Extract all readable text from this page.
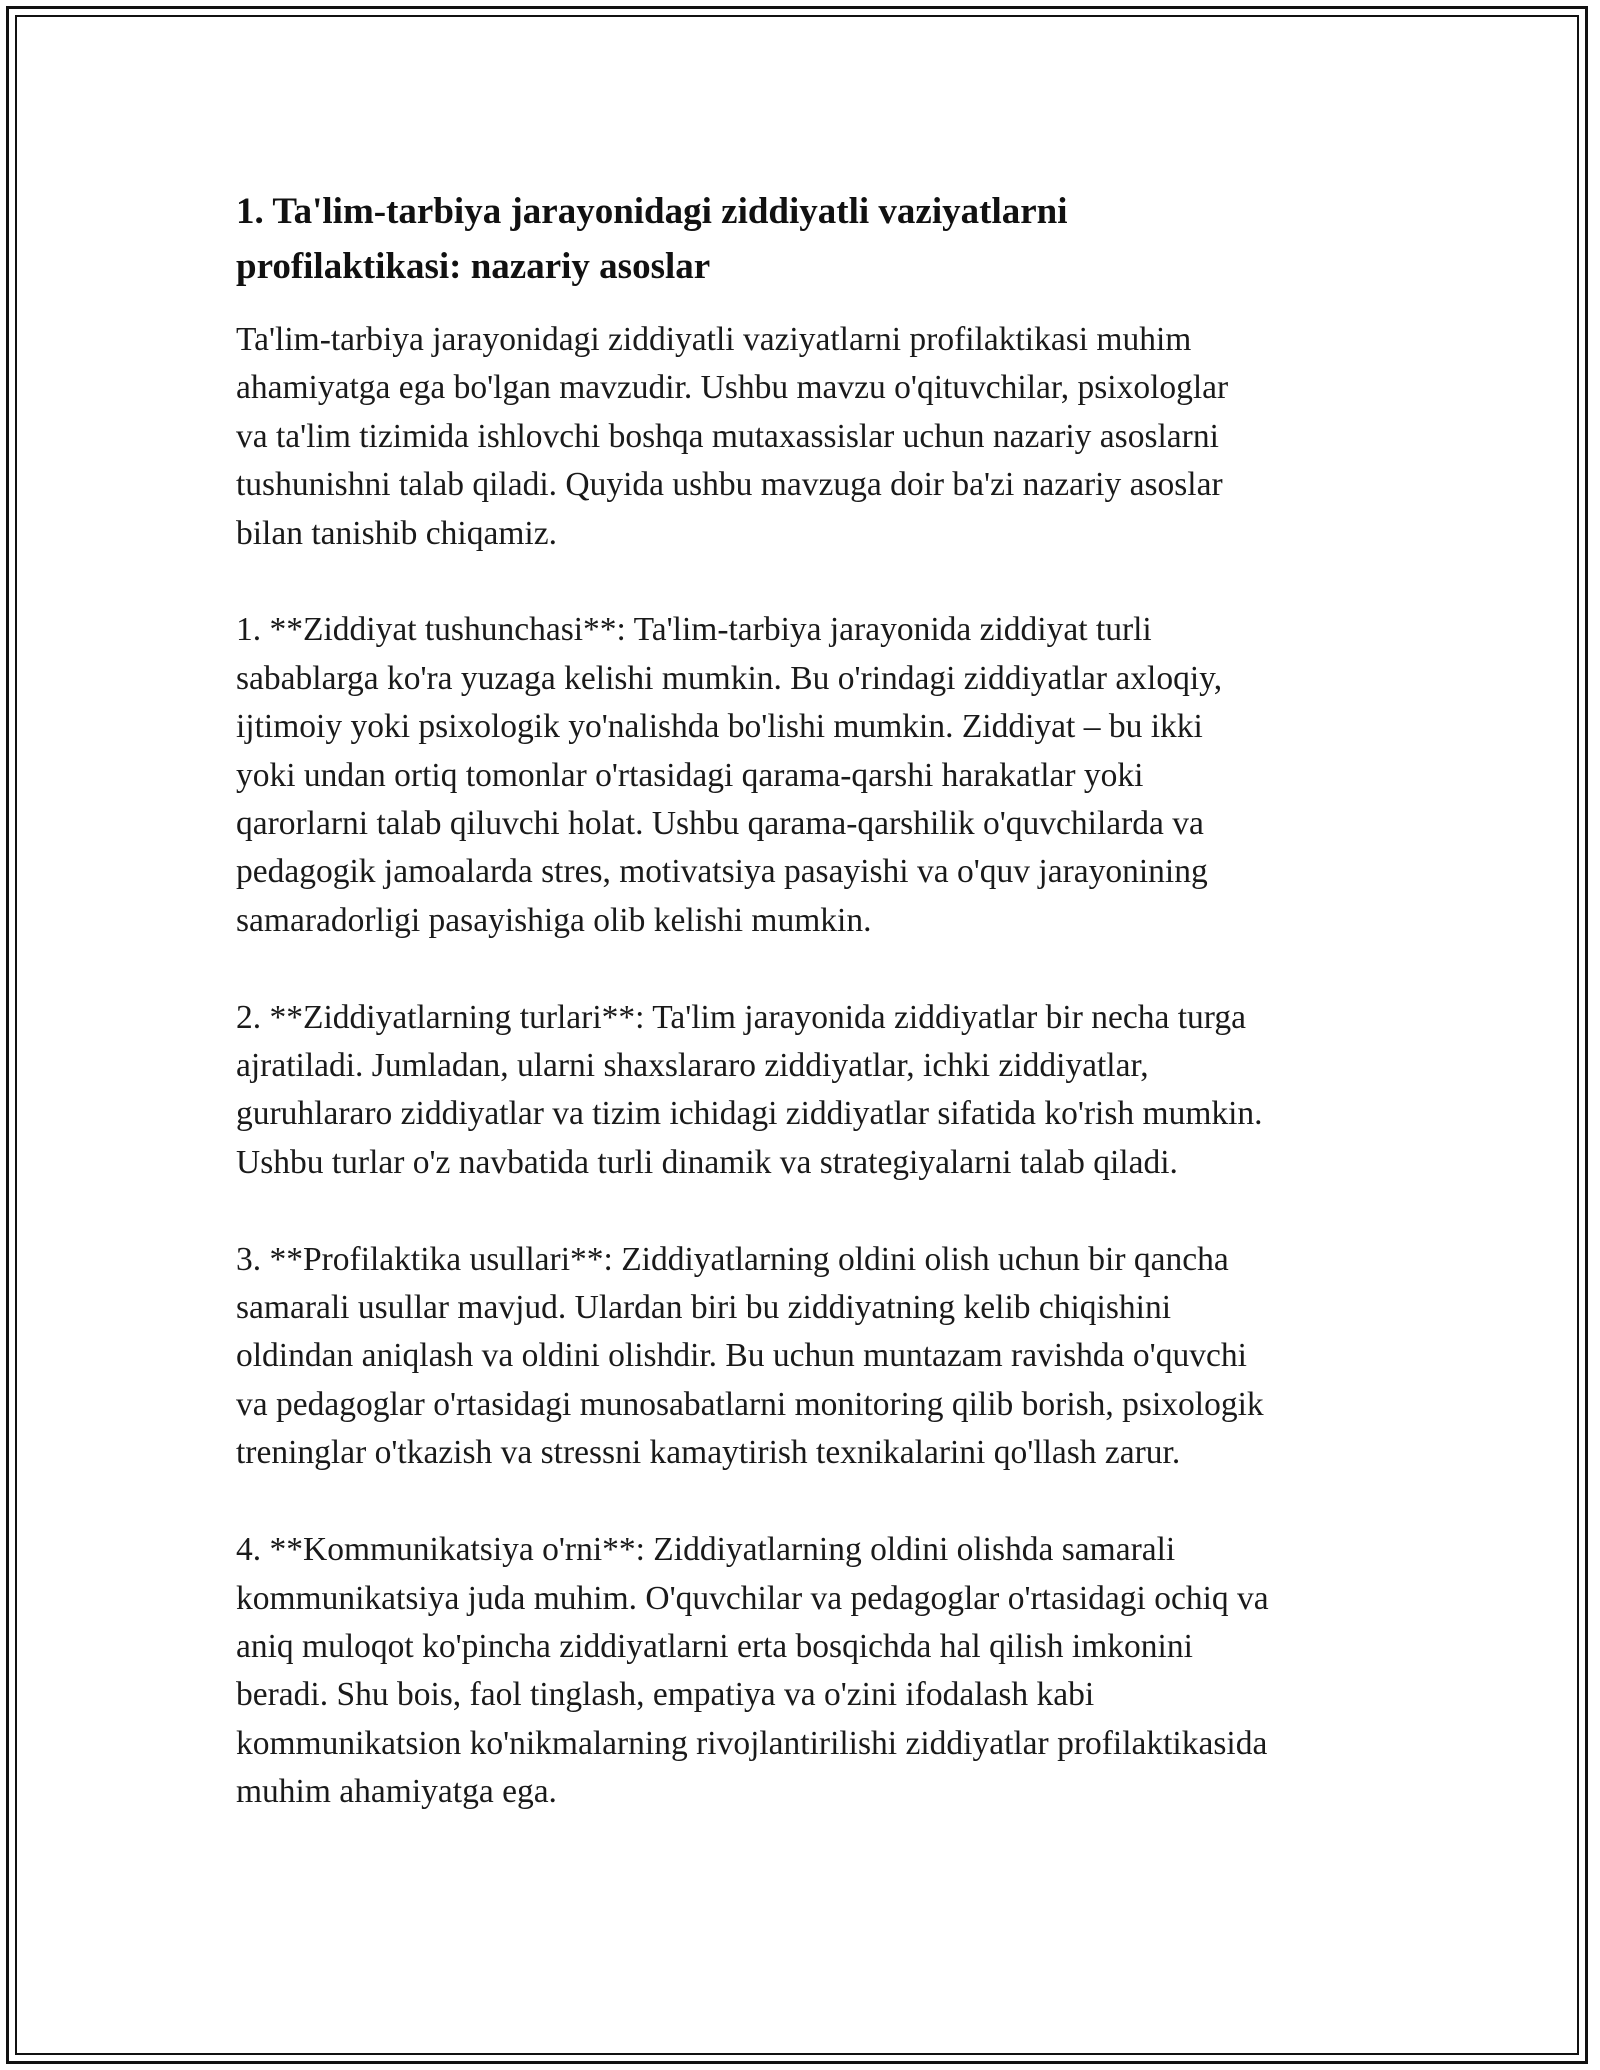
1. Ta'lim-tarbiya jarayonidagi ziddiyatli vaziyatlarni
profilaktikasi: nazariy asoslar

Ta'lim-tarbiya jarayonidagi ziddiyatli vaziyatlarni profilaktikasi muhim
ahamiyatga ega bo'lgan mavzudir. Ushbu mavzu o'qituvchilar, psixologlar
va ta'lim tizimida ishlovchi boshqa mutaxassislar uchun nazariy asoslarni
tushunishni talab qiladi. Quyida ushbu mavzuga doir ba'zi nazariy asoslar
bilan tanishib chiqamiz.

1. **Ziddiyat tushunchasi**: Ta'lim-tarbiya jarayonida ziddiyat turli
sabablarga ko'ra yuzaga kelishi mumkin. Bu o'rindagi ziddiyatlar axloqiy,
ijtimoiy yoki psixologik yo'nalishda bo'lishi mumkin. Ziddiyat – bu ikki
yoki undan ortiq tomonlar o'rtasidagi qarama-qarshi harakatlar yoki
qarorlarni talab qiluvchi holat. Ushbu qarama-qarshilik o'quvchilarda va
pedagogik jamoalarda stres, motivatsiya pasayishi va o'quv jarayonining
samaradorligi pasayishiga olib kelishi mumkin.

2. **Ziddiyatlarning turlari**: Ta'lim jarayonida ziddiyatlar bir necha turga
ajratiladi. Jumladan, ularni shaxslararo ziddiyatlar, ichki ziddiyatlar,
guruhlararo ziddiyatlar va tizim ichidagi ziddiyatlar sifatida ko'rish mumkin.
Ushbu turlar o'z navbatida turli dinamik va strategiyalarni talab qiladi.

3. **Profilaktika usullari**: Ziddiyatlarning oldini olish uchun bir qancha
samarali usullar mavjud. Ulardan biri bu ziddiyatning kelib chiqishini
oldindan aniqlash va oldini olishdir. Bu uchun muntazam ravishda o'quvchi
va pedagoglar o'rtasidagi munosabatlarni monitoring qilib borish, psixologik
treninglar o'tkazish va stressni kamaytirish texnikalarini qo'llash zarur.

4. **Kommunikatsiya o'rni**: Ziddiyatlarning oldini olishda samarali
kommunikatsiya juda muhim. O'quvchilar va pedagoglar o'rtasidagi ochiq va
aniq muloqot ko'pincha ziddiyatlarni erta bosqichda hal qilish imkonini
beradi. Shu bois, faol tinglash, empatiya va o'zini ifodalash kabi
kommunikatsion ko'nikmalarning rivojlantirilishi ziddiyatlar profilaktikasida
muhim ahamiyatga ega.
